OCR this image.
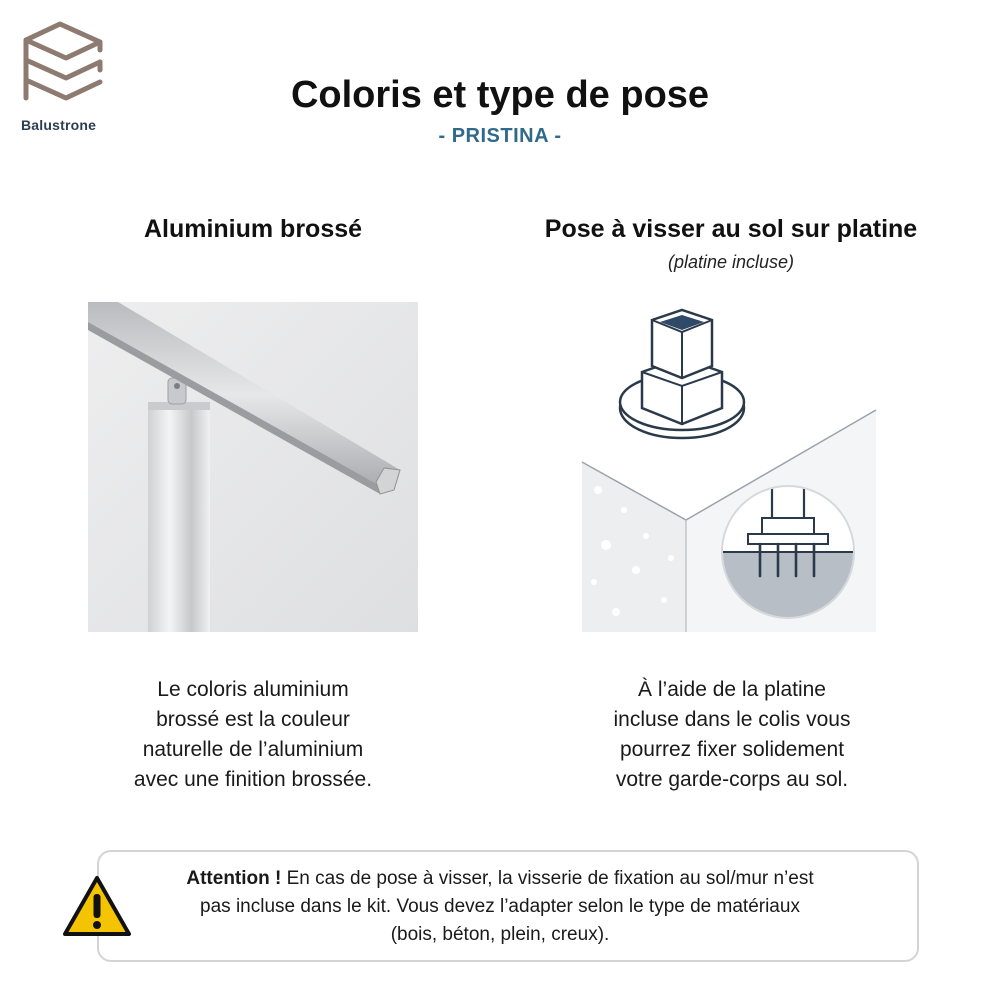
Balustrone
Coloris et type de pose
- PRISTINA -
Aluminium brossé	Pose à visser au sol sur platine
(platine incluse)
Le coloris aluminium
brossé est la couleur
naturelle de l’aluminium
avec une finition brossée.
À l’aide de la platine
incluse dans le colis vous
pourrez fixer solidement
votre garde-corps au sol.
Attention ! En cas de pose à visser, la visserie de fixation au sol/mur n’est
pas incluse dans le kit. Vous devez l’adapter selon le type de matériaux
(bois, béton, plein, creux).
